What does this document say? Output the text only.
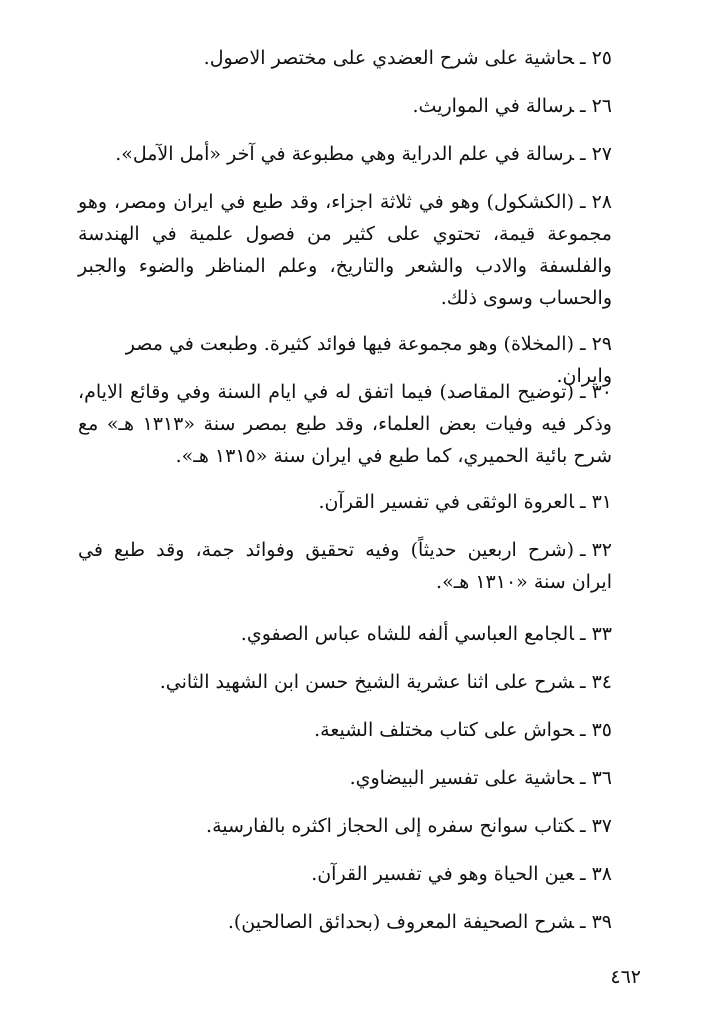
٢٥ـحاشية على شرح العضدي على مختصر الاصول.

٢٦ـرسالة في المواريث.

٢٧ـرسالة في علم الدراية وهي مطبوعة في آخر «أمل الآمل».

٢٨ـ(الكشكول) وهو في ثلاثة اجزاء، وقد طبع في ايران ومصر، وهو مجموعة قيمة، تحتوي على كثير من فصول علمية في الهندسة والفلسفة والادب والشعر والتاريخ، وعلم المناظر والضوء والجبر والحساب وسوى ذلك.

٢٩ـ(المخلاة) وهو مجموعة فيها فوائد كثيرة. وطبعت في مصر وايران.

٣٠ـ(توضيح المقاصد) فيما اتفق له في ايام السنة وفي وقائع الايام، وذكر فيه وفيات بعض العلماء، وقد طبع بمصر سنة «١٣١٣ هـ» مع شرح بائية الحميري، كما طبع في ايران سنة «١٣١٥ هـ».

٣١ـالعروة الوثقى في تفسير القرآن.

٣٢ـ(شرح اربعين حديثاً) وفيه تحقيق وفوائد جمة، وقد طبع في ايران سنة «١٣١٠ هـ».

٣٣ـالجامع العباسي ألفه للشاه عباس الصفوي.

٣٤ـشرح على اثنا عشرية الشيخ حسن ابن الشهيد الثاني.

٣٥ـحواش على كتاب مختلف الشيعة.

٣٦ـحاشية على تفسير البيضاوي.

٣٧ـكتاب سوانح سفره إلى الحجاز اكثره بالفارسية.

٣٨ـعين الحياة وهو في تفسير القرآن.

٣٩ـشرح الصحيفة المعروف (بحدائق الصالحين).

٤٦٢
